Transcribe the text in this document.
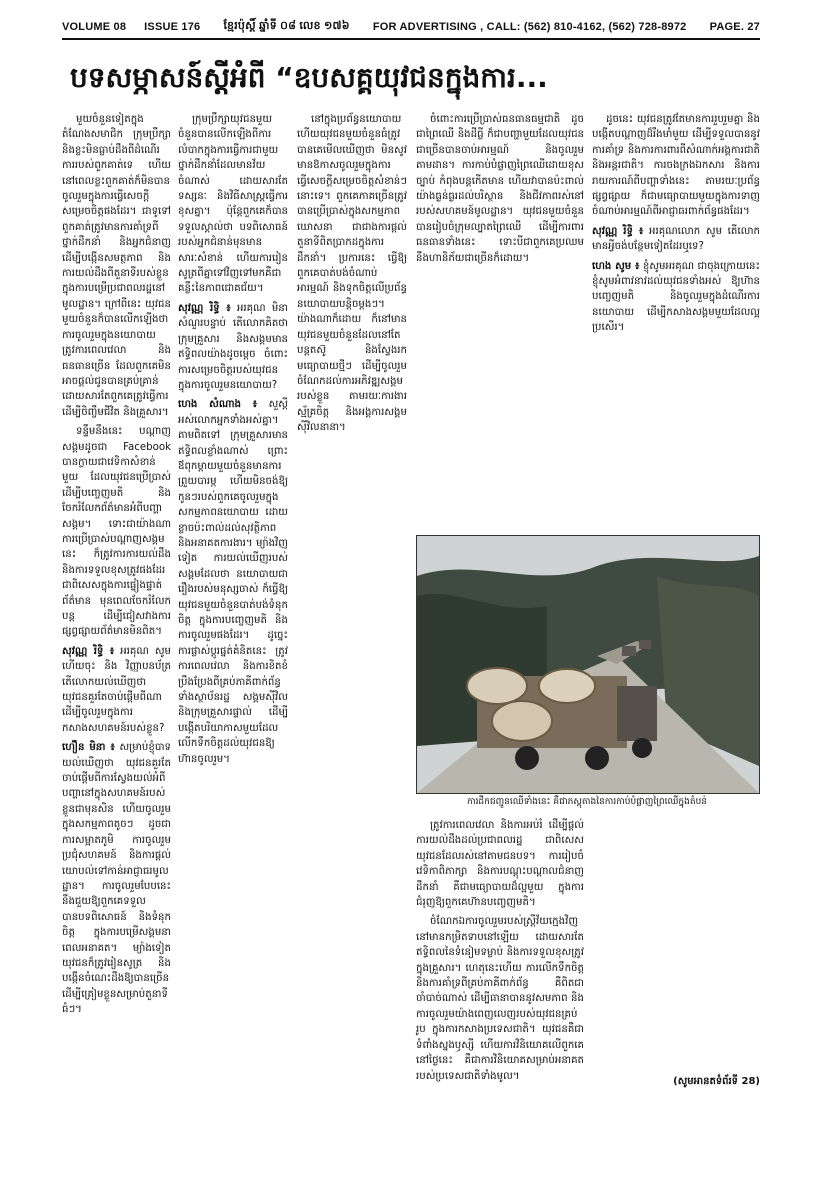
VOLUME 08 ISSUE 176 ខ្មែរប៉ុស្តិ៍ ឆ្នាំទី ០៨ លេខ ១៧៦ FOR ADVERTISING , CALL: (562) 810-4162, (562) 728-8972 PAGE. 27
បទសម្ភាសន៍ស្តីអំពី “ឧបសគ្គយុវជនក្នុងការ...

មួយចំនួនទៀតក្នុងតំណែងសមាជិក ក្រុមប្រឹក្សា និងខ្លះមិនធ្លាប់ដឹងពីដំណើរការរបស់ពួកគាត់ទេ ហើយនៅពេលខ្លះពួកគាត់ក៏មិនបានចូលរួមក្នុងការធ្វើសេចក្តីសម្រេចចិត្តផងដែរ។ ជាទូទៅ ពួកគាត់ត្រូវមានការគាំទ្រពីថ្នាក់ដឹកនាំ និងអ្នកជំនាញ ដើម្បីបង្កើនសមត្ថភាព និងការយល់ដឹងពីតួនាទីរបស់ខ្លួន ក្នុងការបម្រើប្រជាពលរដ្ឋនៅមូលដ្ឋាន។ ក្រៅពីនេះ យុវជនមួយចំនួនក៏បានលើកឡើងថា ការចូលរួមក្នុងនយោបាយ ត្រូវការពេលវេលា និងធនធានច្រើន ដែលពួកគេមិនអាចផ្តល់ជូនបានគ្រប់គ្រាន់ ដោយសារតែពួកគេត្រូវធ្វើការដើម្បីចិញ្ចឹមជីវិត និងគ្រួសារ។

ទន្ទឹមនឹងនេះ បណ្តាញសង្គមដូចជា Facebook បានក្លាយជាវេទិកាសំខាន់មួយ ដែលយុវជនប្រើប្រាស់ដើម្បីបញ្ចេញមតិ និងចែករំលែកព័ត៌មានអំពីបញ្ហាសង្គម។ ទោះជាយ៉ាងណា ការប្រើប្រាស់បណ្តាញសង្គមនេះ ក៏ត្រូវការការយល់ដឹង និងការទទួលខុសត្រូវផងដែរ ជាពិសេសក្នុងការផ្ទៀងផ្ទាត់ព័ត៌មាន មុនពេលចែករំលែកបន្ត ដើម្បីជៀសវាងការផ្សព្វផ្សាយព័ត៌មានមិនពិត។

សុវណ្ណ រិទ្ធិ ៖ អរគុណ សូម ហើយចុះ និង វិញ្ញាបនប័ត្រ តើលោកយល់ឃើញថា យុវជនគួរតែចាប់ផ្តើមពីណា ដើម្បីចូលរួមក្នុងការកសាងសហគមន៍របស់ខ្លួន?

ហឿន មិនា ៖ សម្រាប់ខ្ញុំបាទយល់ឃើញថា យុវជនគួរតែចាប់ផ្តើមពីការស្វែងយល់អំពីបញ្ហានៅក្នុងសហគមន៍របស់ខ្លួនជាមុនសិន ហើយចូលរួមក្នុងសកម្មភាពតូចៗ ដូចជាការសម្អាតភូមិ ការចូលរួមប្រជុំសហគមន៍ និងការផ្តល់យោបល់ទៅកាន់អាជ្ញាធរមូលដ្ឋាន។ ការចូលរួមបែបនេះ នឹងជួយឱ្យពួកគេទទួលបានបទពិសោធន៍ និងទំនុកចិត្ត ក្នុងការបម្រើសង្គមនាពេលអនាគត។ ម្យ៉ាងទៀត យុវជនក៏ត្រូវរៀនសូត្រ និងបង្កើនចំណេះដឹងឱ្យបានច្រើន ដើម្បីត្រៀមខ្លួនសម្រាប់តួនាទីធំៗ។

ក្រុមប្រឹក្សាយុវជនមួយចំនួនបានលើកឡើងពីការលំបាកក្នុងការធ្វើការជាមួយថ្នាក់ដឹកនាំដែលមានវ័យចំណាស់ ដោយសារតែទស្សនៈ និងវិធីសាស្រ្តធ្វើការខុសគ្នា។ ប៉ុន្តែពួកគេក៏បានទទួលស្គាល់ថា បទពិសោធន៍របស់អ្នកជំនាន់មុនមានសារៈសំខាន់ ហើយការរៀនសូត្រពីគ្នាទៅវិញទៅមកគឺជាគន្លឹះនៃភាពជោគជ័យ។

សុវណ្ណ រិទ្ធិ ៖ អរគុណ មិនា សំណួរបន្ទាប់ តើលោកគិតថា ក្រុមគ្រួសារ និងសង្គមមានឥទ្ធិពលយ៉ាងដូចម្តេច ចំពោះការសម្រេចចិត្តរបស់យុវជនក្នុងការចូលរួមនយោបាយ?

ហេង សំណាង ៖ សួស្តីអស់លោកអ្នកទាំងអស់គ្នា។ តាមពិតទៅ ក្រុមគ្រួសារមានឥទ្ធិពលខ្លាំងណាស់ ព្រោះឪពុកម្តាយមួយចំនួនមានការព្រួយបារម្ភ ហើយមិនចង់ឱ្យកូនៗរបស់ពួកគេចូលរួមក្នុងសកម្មភាពនយោបាយ ដោយខ្លាចប៉ះពាល់ដល់សុវត្ថិភាព និងអនាគតការងារ។ ម្យ៉ាងវិញទៀត ការយល់ឃើញរបស់សង្គមដែលថា នយោបាយជារឿងរបស់មនុស្សចាស់ ក៏ធ្វើឱ្យយុវជនមួយចំនួនបាត់បង់ទំនុកចិត្ត ក្នុងការបញ្ចេញមតិ និងការចូលរួមផងដែរ។ ដូច្នេះ ការផ្លាស់ប្តូរផ្នត់គំនិតនេះ ត្រូវការពេលវេលា និងការខិតខំប្រឹងប្រែងពីគ្រប់ភាគីពាក់ព័ន្ធ ទាំងស្ថាប័នរដ្ឋ សង្គមស៊ីវិល និងក្រុមគ្រួសារផ្ទាល់ ដើម្បីបង្កើតបរិយាកាសមួយដែលលើកទឹកចិត្តដល់យុវជនឱ្យហ៊ានចូលរួម។

នៅក្នុងប្រព័ន្ធនយោបាយ ហើយយុវជនមួយចំនួនធំត្រូវបានគេមើលឃើញថា មិនសូវមានឱកាសចូលរួមក្នុងការធ្វើសេចក្តីសម្រេចចិត្តសំខាន់ៗនោះទេ។ ពួកគេភាគច្រើនត្រូវបានប្រើប្រាស់ក្នុងសកម្មភាពឃោសនា ជាជាងការផ្តល់តួនាទីពិតប្រាកដក្នុងការដឹកនាំ។ ប្រការនេះ ធ្វើឱ្យពួកគេបាត់បង់ចំណាប់អារម្មណ៍ និងទុកចិត្តលើប្រព័ន្ធនយោបាយបន្តិចម្តងៗ។ យ៉ាងណាក៏ដោយ ក៏នៅមានយុវជនមួយចំនួនដែលនៅតែបន្តតស៊ូ និងស្វែងរកមធ្យោបាយថ្មីៗ ដើម្បីចូលរួមចំណែកដល់ការអភិវឌ្ឍសង្គមរបស់ខ្លួន តាមរយៈការងារស្ម័គ្រចិត្ត និងអង្គការសង្គមស៊ីវិលនានា។

ចំពោះការប្រើប្រាស់ធនធានធម្មជាតិ ដូចជាព្រៃឈើ និងដីធ្លី ក៏ជាបញ្ហាមួយដែលយុវជនជាច្រើនបានចាប់អារម្មណ៍ និងចូលរួមតាមដាន។ ការកាប់បំផ្លាញព្រៃឈើដោយខុសច្បាប់ កំពុងបន្តកើតមាន ហើយវាបានប៉ះពាល់យ៉ាងធ្ងន់ធ្ងរដល់បរិស្ថាន និងជីវភាពរស់នៅរបស់សហគមន៍មូលដ្ឋាន។ យុវជនមួយចំនួនបានរៀបចំក្រុមល្បាតព្រៃឈើ ដើម្បីការពារធនធានទាំងនេះ ទោះបីជាពួកគេប្រឈមនឹងហានិភ័យជាច្រើនក៏ដោយ។

ដូចនេះ យុវជនត្រូវតែមានការរួបរួមគ្នា និងបង្កើតបណ្តាញដ៏រឹងមាំមួយ ដើម្បីទទួលបាននូវការគាំទ្រ និងការការពារពីសំណាក់អង្គការជាតិ និងអន្តរជាតិ។ ការចងក្រងឯកសារ និងការរាយការណ៍ពីបញ្ហាទាំងនេះ តាមរយៈប្រព័ន្ធផ្សព្វផ្សាយ ក៏ជាមធ្យោបាយមួយក្នុងការទាញចំណាប់អារម្មណ៍ពីអាជ្ញាធរពាក់ព័ន្ធផងដែរ។

សុវណ្ណ រិទ្ធិ ៖ អរគុណលោក សូម តើលោកមានអ្វីចង់បន្ថែមទៀតដែរឬទេ?

ហេង សូម ៖ ខ្ញុំសូមអរគុណ ជាចុងក្រោយនេះ ខ្ញុំសូមអំពាវនាវដល់យុវជនទាំងអស់ ឱ្យហ៊ានបញ្ចេញមតិ និងចូលរួមក្នុងដំណើរការនយោបាយ ដើម្បីកសាងសង្គមមួយដែលល្អប្រសើរ។

ត្រូវការពេលវេលា និងការអប់រំ ដើម្បីផ្តល់ការយល់ដឹងដល់ប្រជាពលរដ្ឋ ជាពិសេសយុវជនដែលរស់នៅតាមជនបទ។ ការរៀបចំវេទិកាពិភាក្សា និងការបណ្តុះបណ្តាលជំនាញដឹកនាំ គឺជាមធ្យោបាយដ៏ល្អមួយ ក្នុងការជំរុញឱ្យពួកគេហ៊ានបញ្ចេញមតិ។

ចំណែកឯការចូលរួមរបស់ស្ត្រីវ័យក្មេងវិញ នៅមានកម្រិតទាបនៅឡើយ ដោយសារតែឥទ្ធិពលនៃទំនៀមទម្លាប់ និងការទទួលខុសត្រូវក្នុងគ្រួសារ។ ហេតុនេះហើយ ការលើកទឹកចិត្ត និងការគាំទ្រពីគ្រប់ភាគីពាក់ព័ន្ធ គឺពិតជាចាំបាច់ណាស់ ដើម្បីធានាបាននូវសមភាព និងការចូលរួមយ៉ាងពេញលេញរបស់យុវជនគ្រប់រូប ក្នុងការកសាងប្រទេសជាតិ។ យុវជនគឺជាទំពាំងស្នងឫស្សី ហើយការវិនិយោគលើពួកគេនៅថ្ងៃនេះ គឺជាការវិនិយោគសម្រាប់អនាគតរបស់ប្រទេសជាតិទាំងមូល។

ការដឹកជញ្ជូនឈើទាំងនេះ គឺជាភស្តុតាងនៃការកាប់បំផ្លាញព្រៃឈើក្នុងតំបន់
(សូមអានតទំព័រទី 28)
